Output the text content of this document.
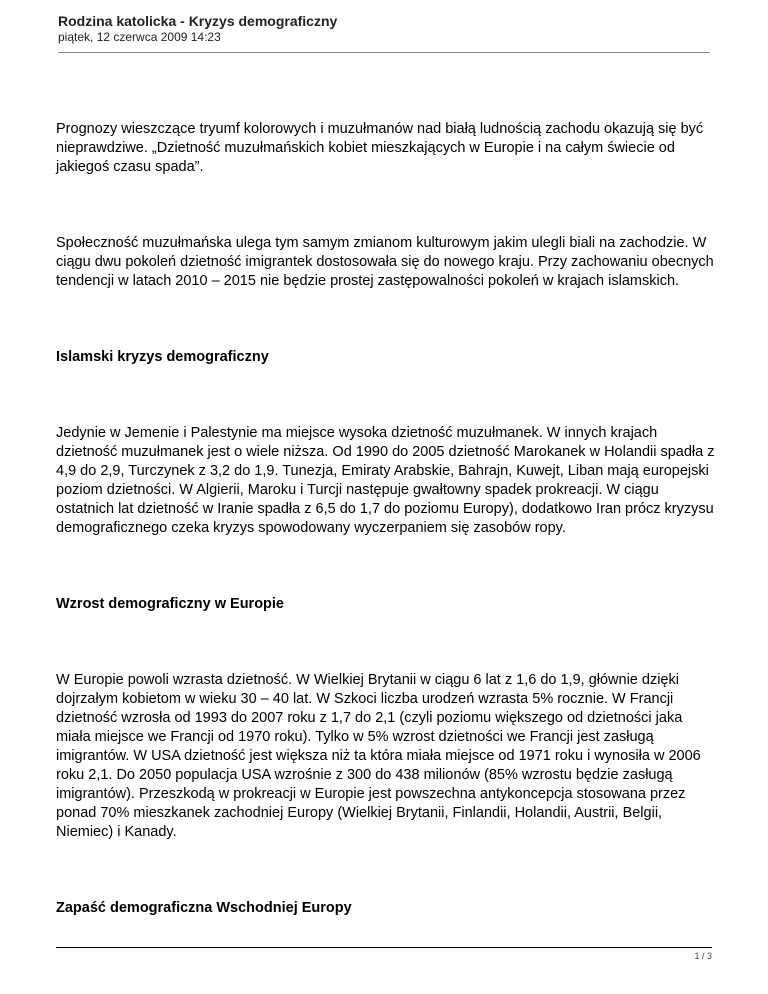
Rodzina katolicka - Kryzys demograficzny
piątek, 12 czerwca 2009 14:23

Prognozy wieszczące tryumf kolorowych i muzułmanów nad białą ludnością zachodu okazują się być nieprawdziwe. „Dzietność muzułmańskich kobiet mieszkających w Europie i na całym świecie od jakiegoś czasu spada”.

Społeczność muzułmańska ulega tym samym zmianom kulturowym jakim ulegli biali na zachodzie. W ciągu dwu pokoleń dzietność imigrantek dostosowała się do nowego kraju. Przy zachowaniu obecnych tendencji w latach 2010 – 2015 nie będzie prostej zastępowalności pokoleń w krajach islamskich.

Islamski kryzys demograficzny

Jedynie w Jemenie i Palestynie ma miejsce wysoka dzietność muzułmanek. W innych krajach dzietność muzułmanek jest o wiele niższa. Od 1990 do 2005 dzietność Marokanek w Holandii spadła z 4,9 do 2,9, Turczynek z 3,2 do 1,9. Tunezja, Emiraty Arabskie, Bahrajn, Kuwejt, Liban mają europejski poziom dzietności. W Algierii, Maroku i Turcji następuje gwałtowny spadek prokreacji. W ciągu ostatnich lat dzietność w Iranie spadła z 6,5 do 1,7 do poziomu Europy), dodatkowo Iran prócz kryzysu demograficznego czeka kryzys spowodowany wyczerpaniem się zasobów ropy.

Wzrost demograficzny w Europie

W Europie powoli wzrasta dzietność. W Wielkiej Brytanii w ciągu 6 lat z 1,6 do 1,9, głównie dzięki dojrzałym kobietom w wieku 30 – 40 lat. W Szkoci liczba urodzeń wzrasta 5% rocznie. W Francji dzietność wzrosła od 1993 do 2007 roku z 1,7 do 2,1 (czyli poziomu większego od dzietności jaka miała miejsce we Francji od 1970 roku). Tylko w 5% wzrost dzietności we Francji jest zasługą imigrantów. W USA dzietność jest większa niż ta która miała miejsce od 1971 roku i wynosiła w 2006 roku 2,1. Do 2050 populacja USA wzrośnie z 300 do 438 milionów (85% wzrostu będzie zasługą imigrantów). Przeszkodą w prokreacji w Europie jest powszechna antykoncepcja stosowana przez ponad 70% mieszkanek zachodniej Europy (Wielkiej Brytanii, Finlandii, Holandii, Austrii, Belgii, Niemiec) i Kanady.

Zapaść demograficzna Wschodniej Europy

1 / 3
